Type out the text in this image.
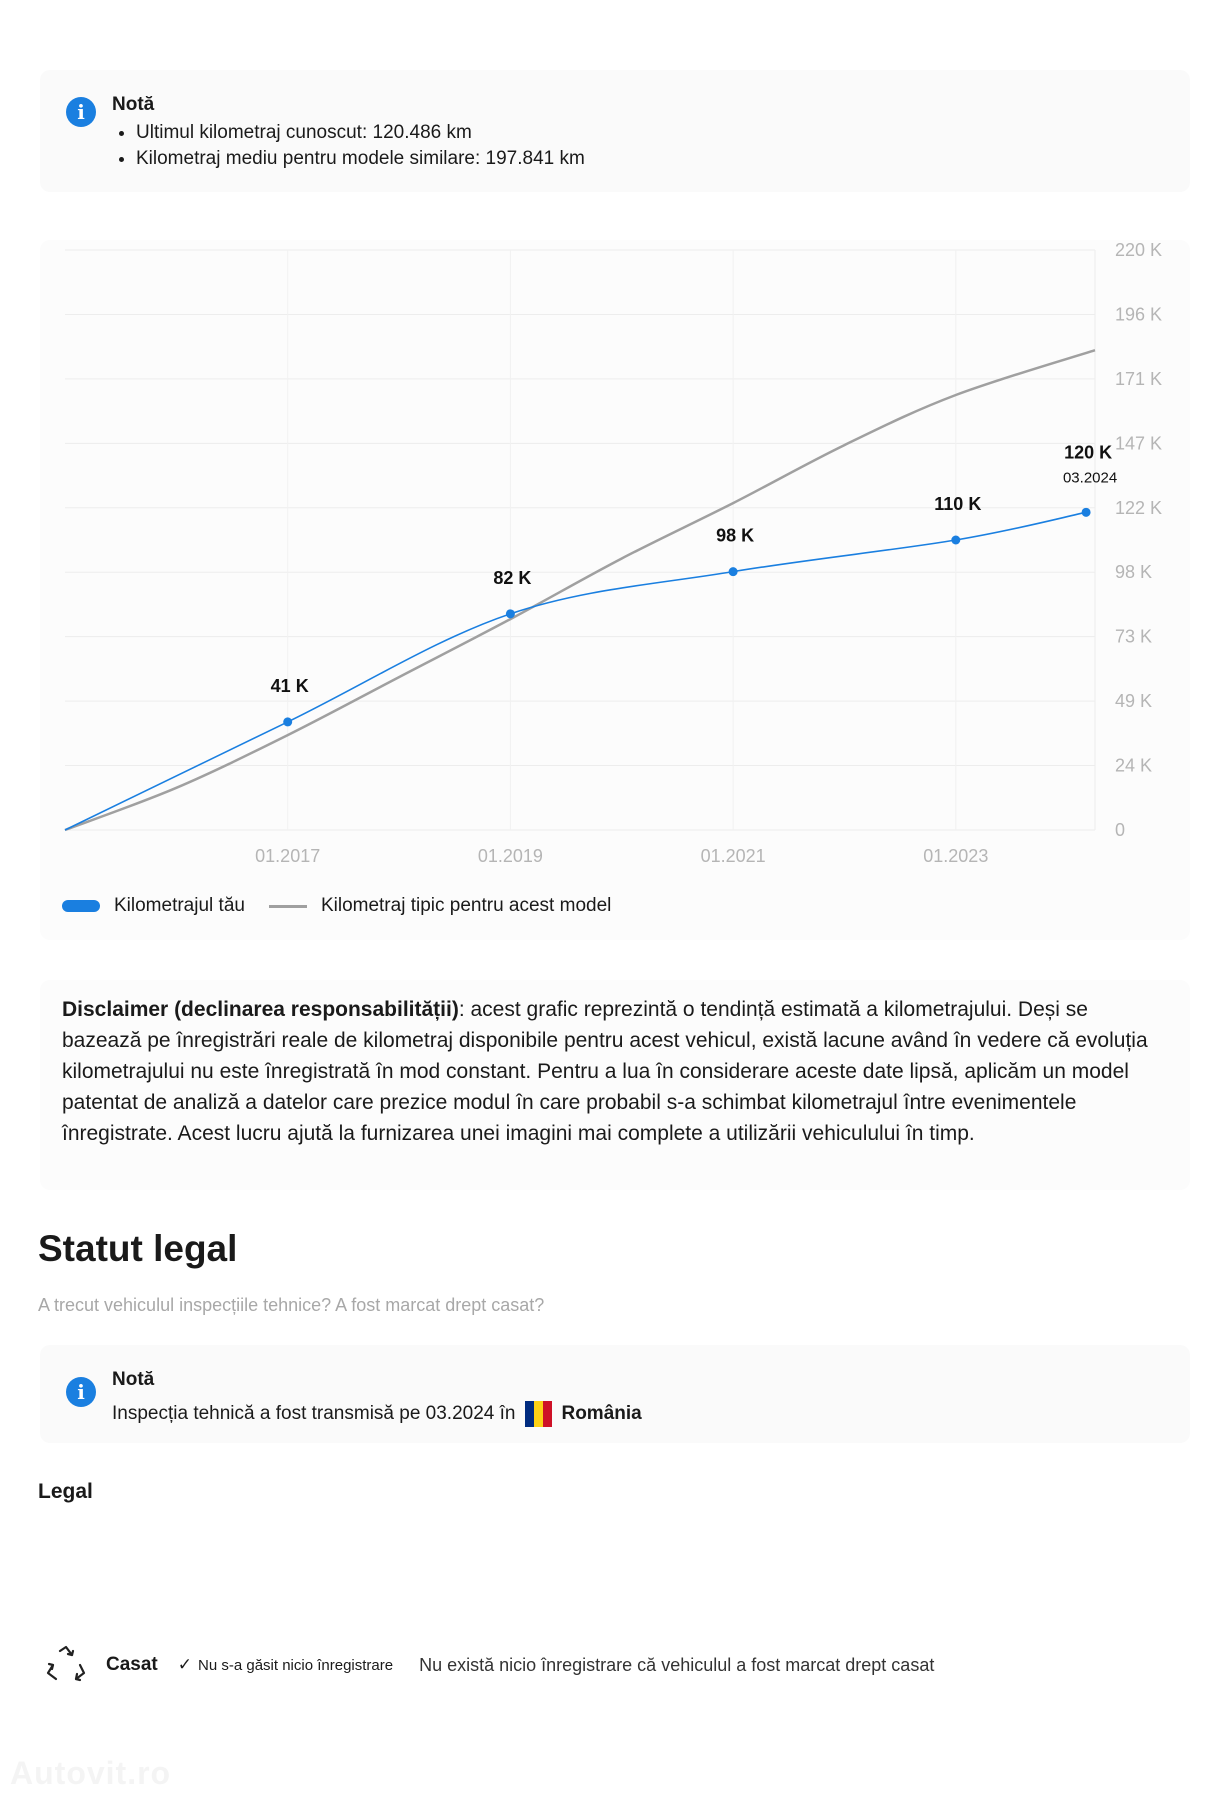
i	Notă
• Ultimul kilometraj cunoscut: 120.486 km
• Kilometraj mediu pentru modele similare: 197.841 km
220 K
196 K
171 K
147 K
122 K
98 K
73 K
49 K
24 K
0
01.2017	01.2019	01.2021	01.2023
41 K
82 K
98 K
110 K
120 K
03.2024
Kilometrajul tău	Kilometraj tipic pentru acest model

Disclaimer (declinarea responsabilității): acest grafic reprezintă o tendință estimată a kilometrajului. Deși se bazează pe înregistrări reale de kilometraj disponibile pentru acest vehicul, există lacune având în vedere că evoluția kilometrajului nu este înregistrată în mod constant. Pentru a lua în considerare aceste date lipsă, aplicăm un model patentat de analiză a datelor care prezice modul în care probabil s-a schimbat kilometrajul între evenimentele înregistrate. Acest lucru ajută la furnizarea unei imagini mai complete a utilizării vehiculului în timp.

Statut legal
A trecut vehiculul inspecțiile tehnice? A fost marcat drept casat?
i
Notă
Inspecția tehnică a fost transmisă pe 03.2024 în România
Legal
Casat ✓ Nu s-a găsit nicio înregistrare Nu există nicio înregistrare că vehiculul a fost marcat drept casat
Autovit.ro
